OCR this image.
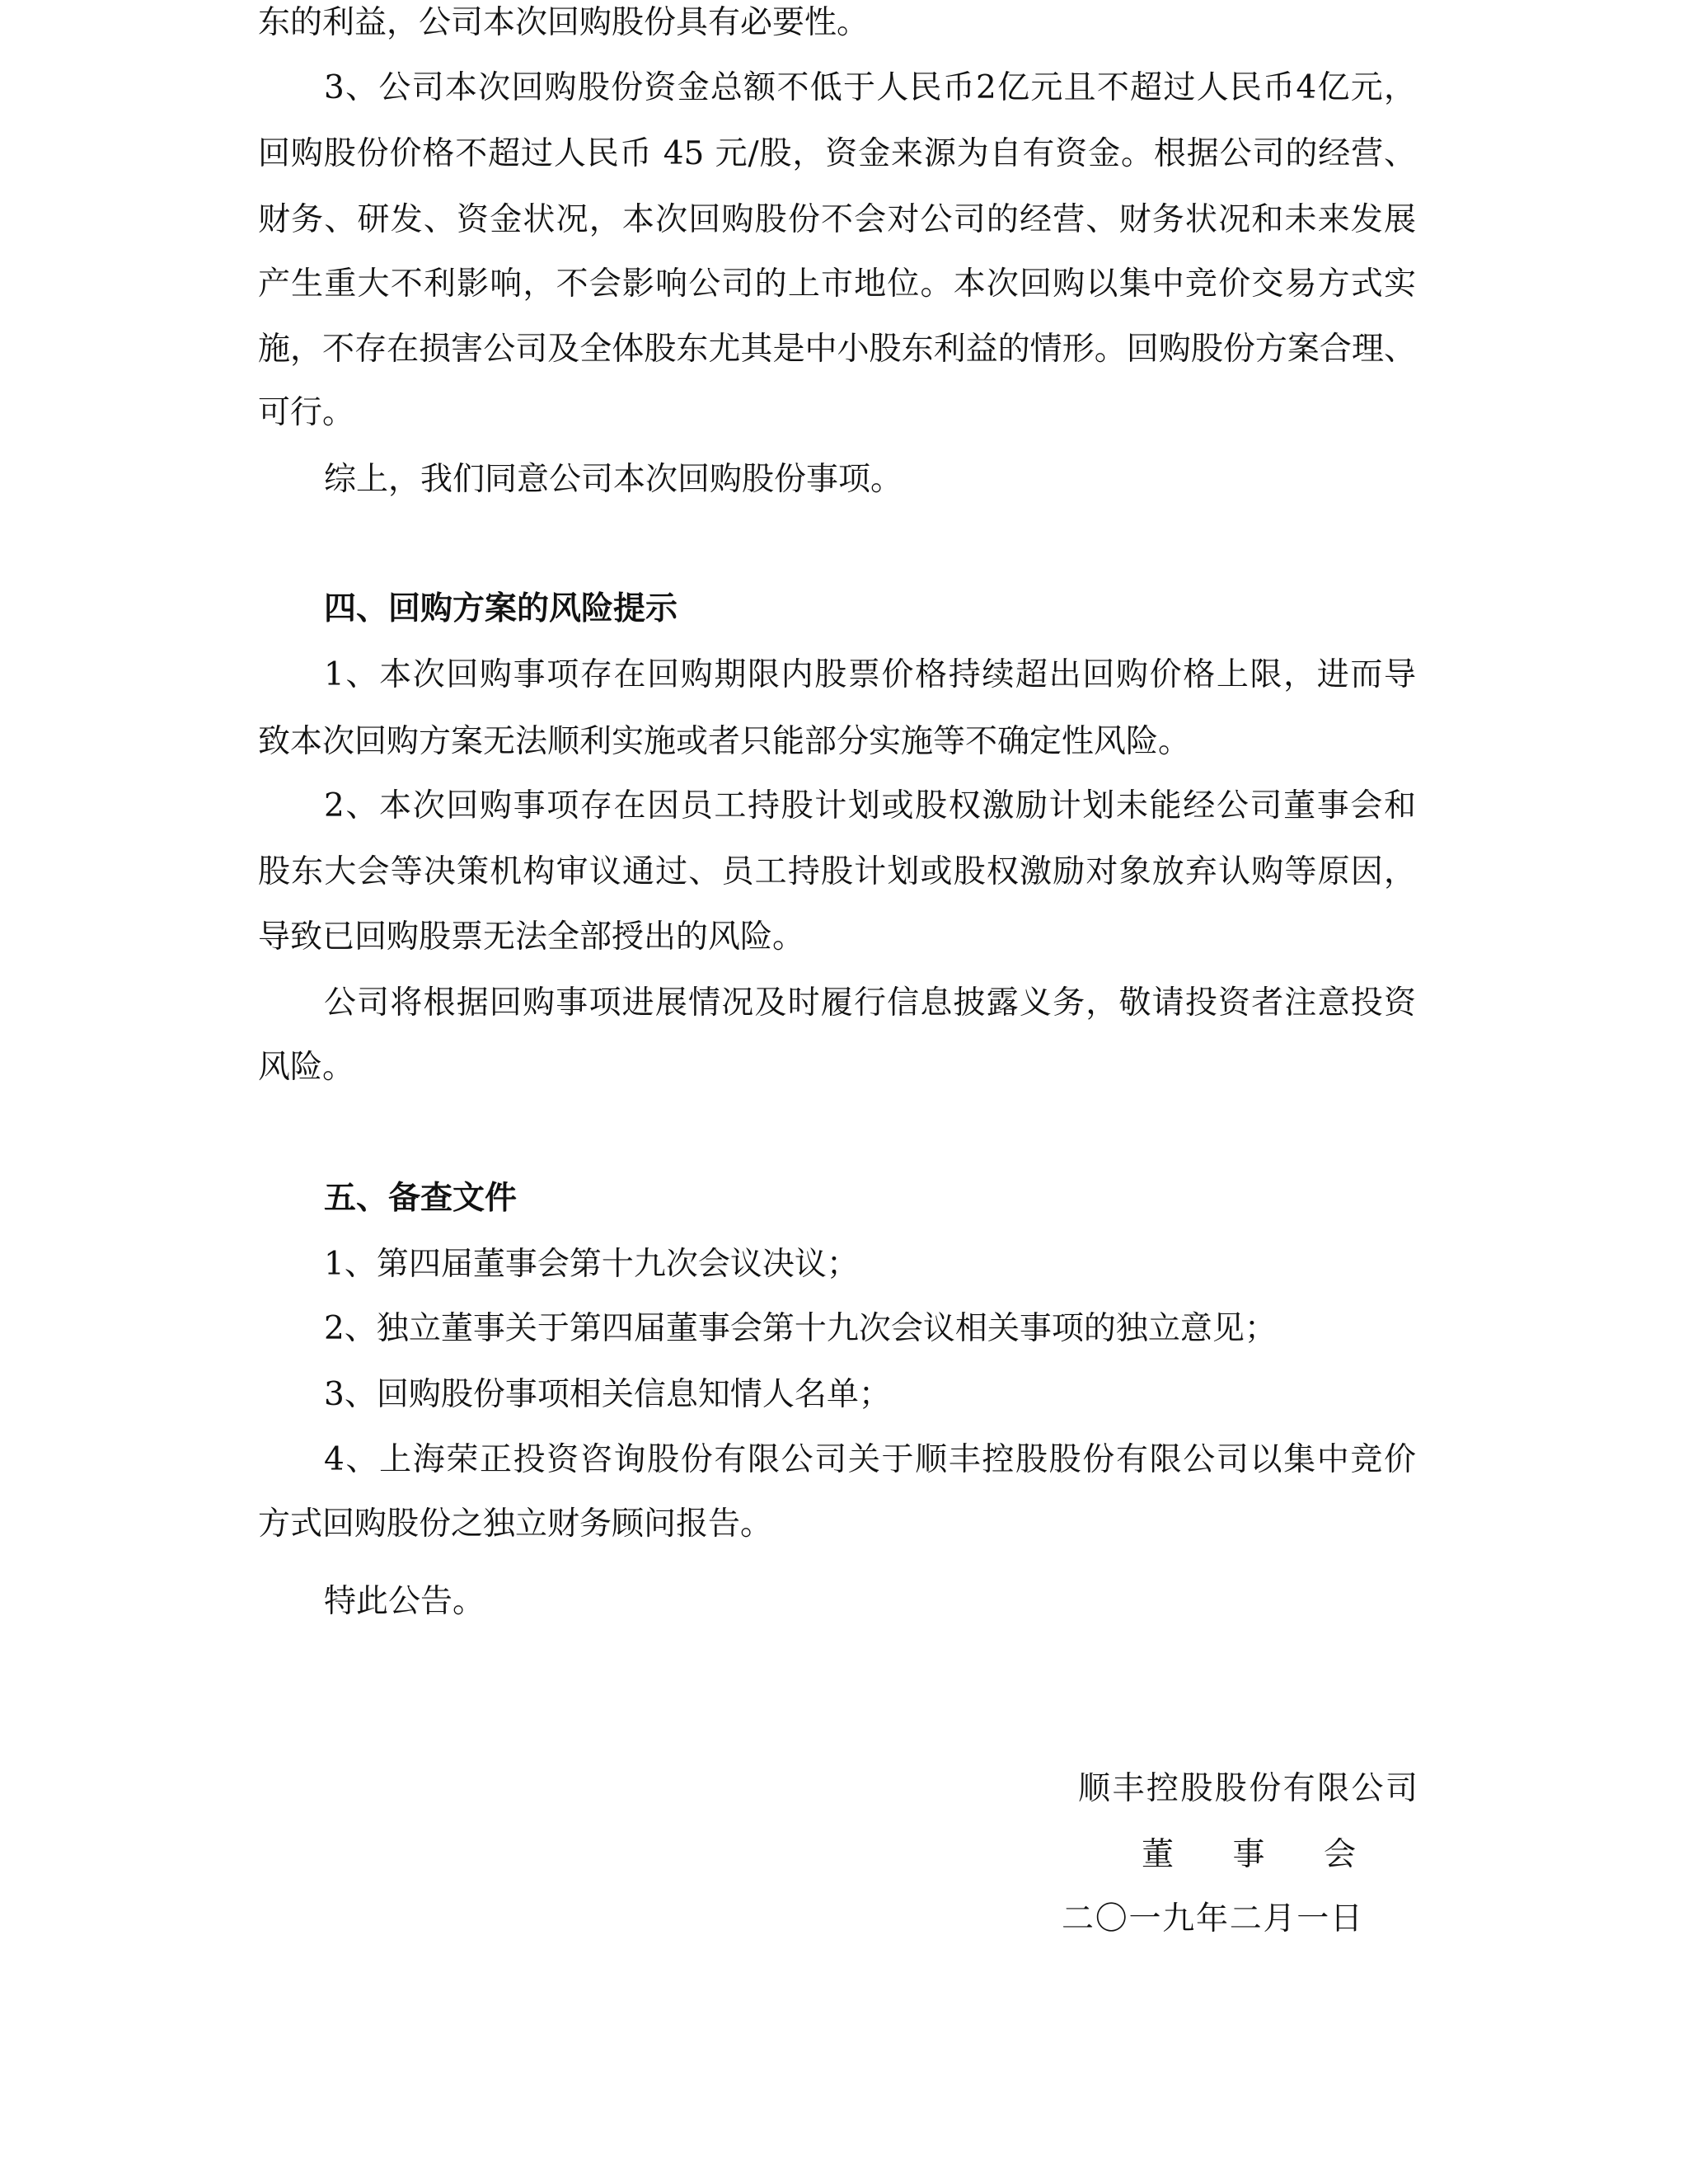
东的利益，公司本次回购股份具有必要性。
3、公司本次回购股份资金总额不低于人民币2亿元且不超过人民币4亿元，
回购股份价格不超过人民币 45 元/股，资金来源为自有资金。根据公司的经营、
财务、研发、资金状况，本次回购股份不会对公司的经营、财务状况和未来发展
产生重大不利影响，不会影响公司的上市地位。本次回购以集中竞价交易方式实
施，不存在损害公司及全体股东尤其是中小股东利益的情形。回购股份方案合理、
可行。
综上，我们同意公司本次回购股份事项。
四、回购方案的风险提示
1、本次回购事项存在回购期限内股票价格持续超出回购价格上限，进而导
致本次回购方案无法顺利实施或者只能部分实施等不确定性风险。
2、本次回购事项存在因员工持股计划或股权激励计划未能经公司董事会和
股东大会等决策机构审议通过、员工持股计划或股权激励对象放弃认购等原因，
导致已回购股票无法全部授出的风险。
公司将根据回购事项进展情况及时履行信息披露义务，敬请投资者注意投资
风险。
五、备查文件
1、第四届董事会第十九次会议决议；
2、独立董事关于第四届董事会第十九次会议相关事项的独立意见；
3、回购股份事项相关信息知情人名单；
4、上海荣正投资咨询股份有限公司关于顺丰控股股份有限公司以集中竞价
方式回购股份之独立财务顾问报告。
特此公告。
顺丰控股股份有限公司
董 事 会
二〇一九年二月一日
